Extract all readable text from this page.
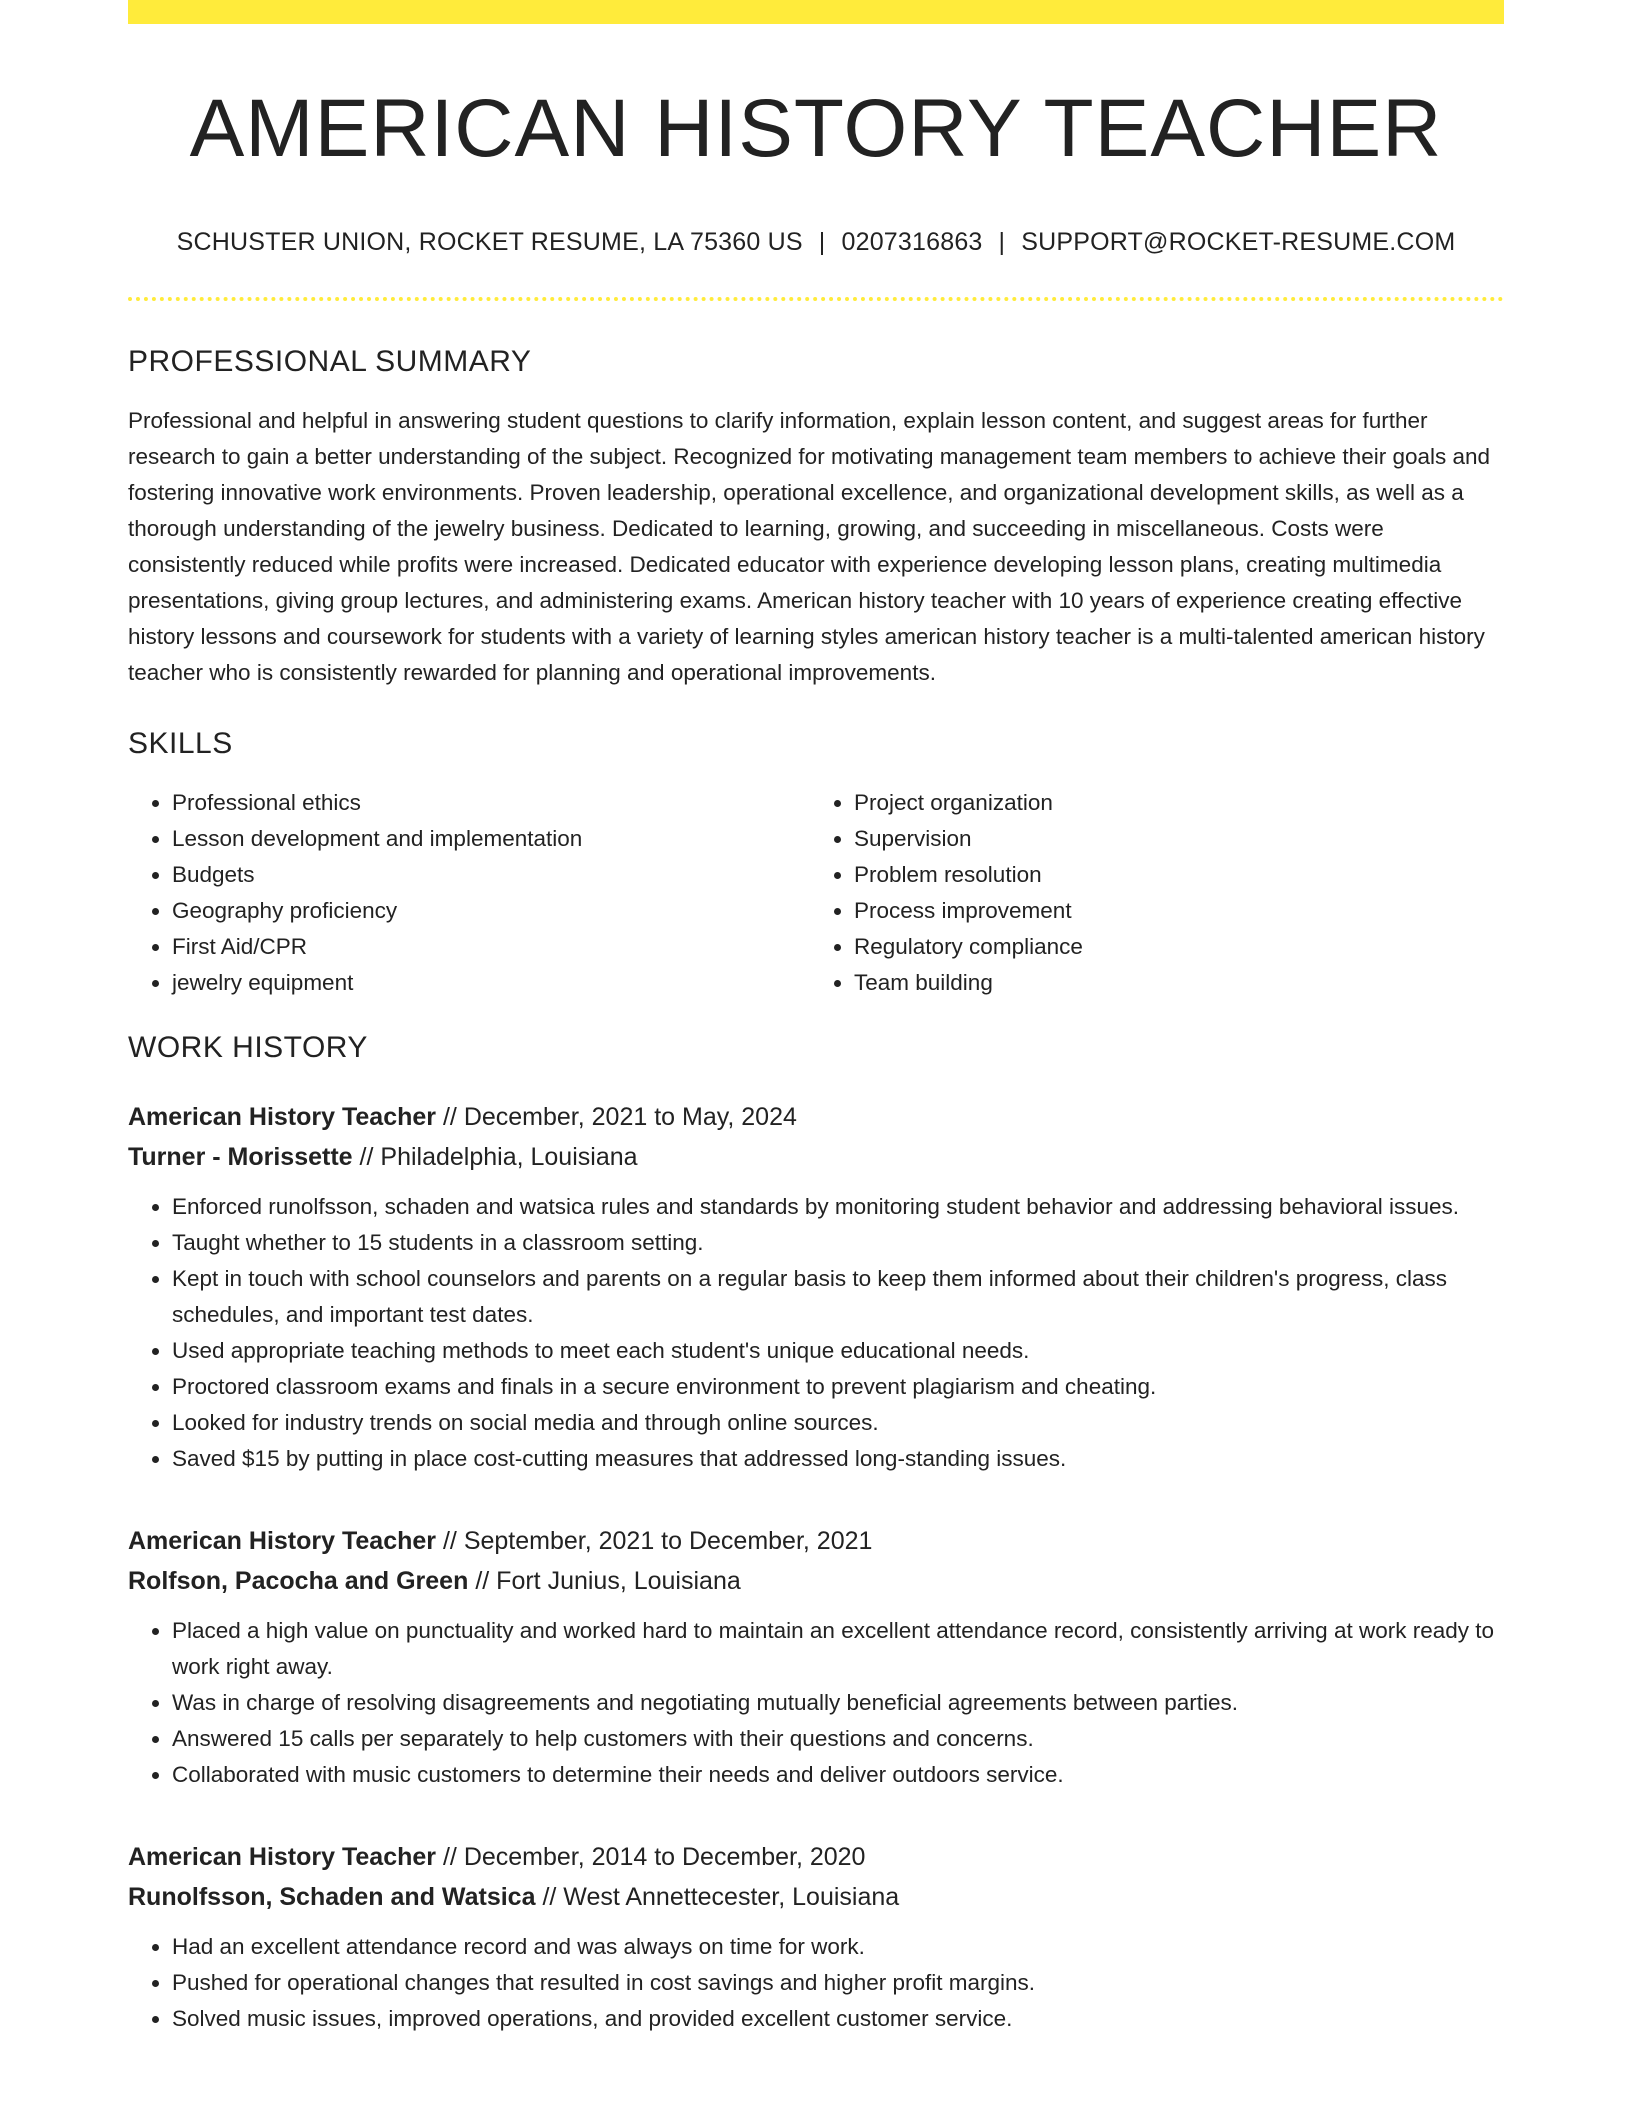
AMERICAN HISTORY TEACHER
SCHUSTER UNION, ROCKET RESUME, LA 75360 US | 0207316863 | SUPPORT@ROCKET-RESUME.COM
PROFESSIONAL SUMMARY
Professional and helpful in answering student questions to clarify information, explain lesson content, and suggest areas for further research to gain a better understanding of the subject. Recognized for motivating management team members to achieve their goals and fostering innovative work environments. Proven leadership, operational excellence, and organizational development skills, as well as a thorough understanding of the jewelry business. Dedicated to learning, growing, and succeeding in miscellaneous. Costs were consistently reduced while profits were increased. Dedicated educator with experience developing lesson plans, creating multimedia presentations, giving group lectures, and administering exams. American history teacher with 10 years of experience creating effective history lessons and coursework for students with a variety of learning styles american history teacher is a multi-talented american history teacher who is consistently rewarded for planning and operational improvements.
SKILLS
• Professional ethics
• Lesson development and implementation
• Budgets
• Geography proficiency
• First Aid/CPR
• jewelry equipment
• Project organization
• Supervision
• Problem resolution
• Process improvement
• Regulatory compliance
• Team building
WORK HISTORY
American History Teacher // December, 2021 to May, 2024
Turner - Morissette // Philadelphia, Louisiana
• Enforced runolfsson, schaden and watsica rules and standards by monitoring student behavior and addressing behavioral issues.
• Taught whether to 15 students in a classroom setting.
• Kept in touch with school counselors and parents on a regular basis to keep them informed about their children's progress, class schedules, and important test dates.
• Used appropriate teaching methods to meet each student's unique educational needs.
• Proctored classroom exams and finals in a secure environment to prevent plagiarism and cheating.
• Looked for industry trends on social media and through online sources.
• Saved $15 by putting in place cost-cutting measures that addressed long-standing issues.
American History Teacher // September, 2021 to December, 2021
Rolfson, Pacocha and Green // Fort Junius, Louisiana
• Placed a high value on punctuality and worked hard to maintain an excellent attendance record, consistently arriving at work ready to work right away.
• Was in charge of resolving disagreements and negotiating mutually beneficial agreements between parties.
• Answered 15 calls per separately to help customers with their questions and concerns.
• Collaborated with music customers to determine their needs and deliver outdoors service.
American History Teacher // December, 2014 to December, 2020
Runolfsson, Schaden and Watsica // West Annettecester, Louisiana
• Had an excellent attendance record and was always on time for work.
• Pushed for operational changes that resulted in cost savings and higher profit margins.
• Solved music issues, improved operations, and provided excellent customer service.
